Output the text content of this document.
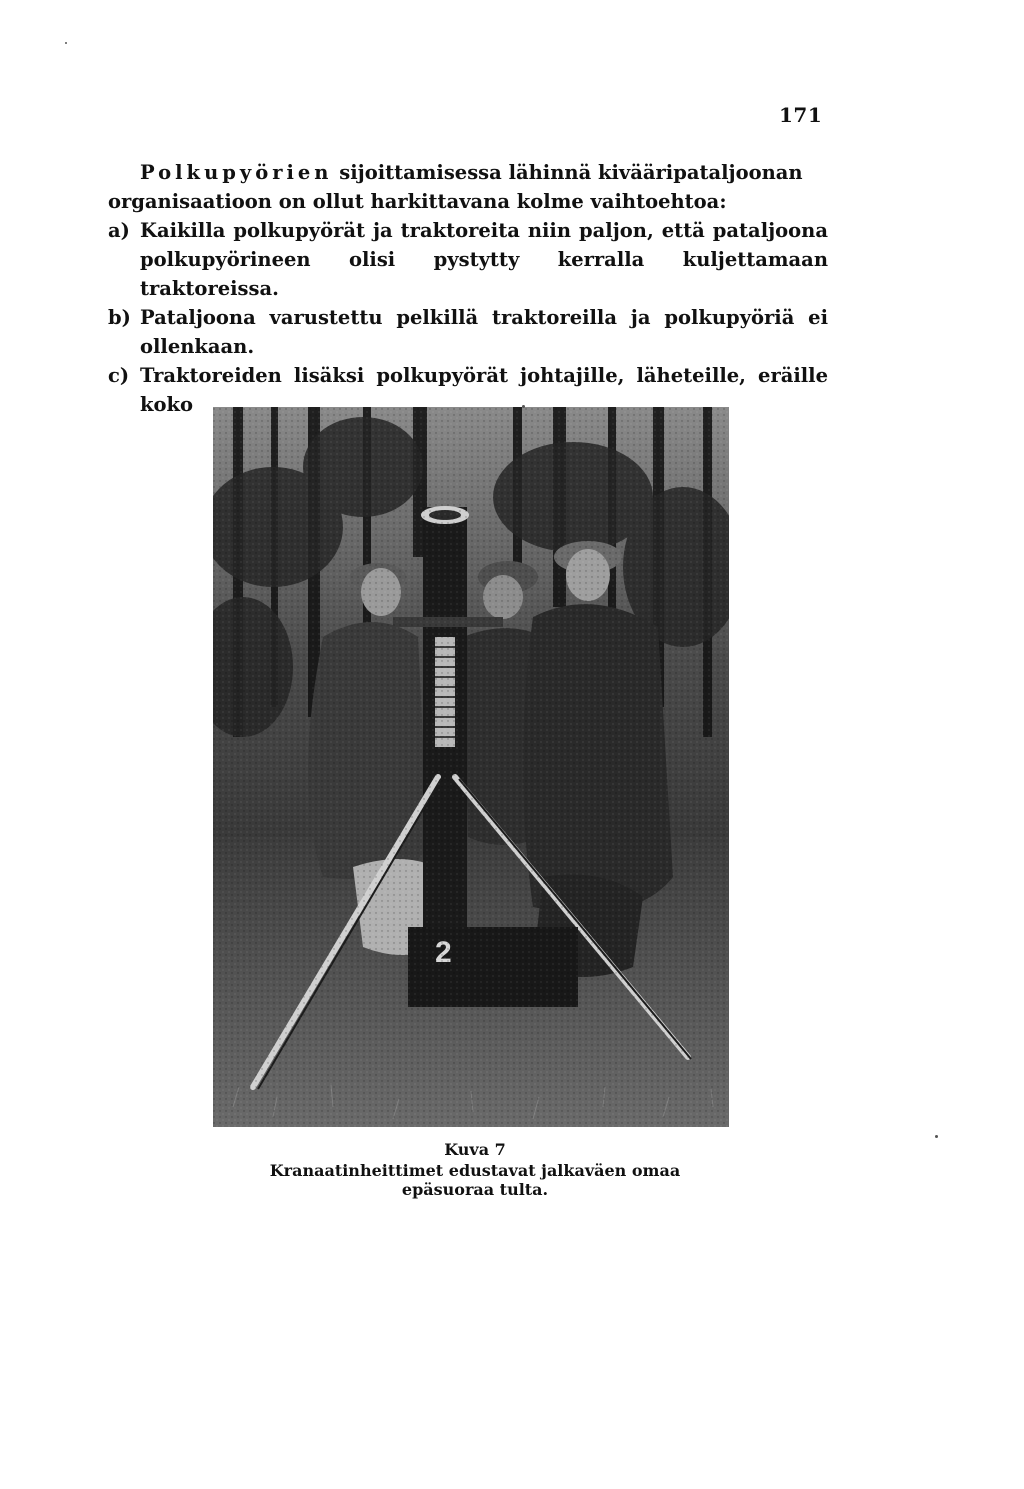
171

Polkupyörien sijoittamisessa lähinnä kivääripataljoonan organisaatioon on ollut harkittavana kolme vaihtoehtoa:

a) Kaikilla polkupyörät ja traktoreita niin paljon, että pataljoona polkupyörineen olisi pystytty kerralla kuljettamaan traktoreissa.
b) Pataljoona varustettu pelkillä traktoreilla ja polkupyöriä ei ollenkaan.
c) Traktoreiden lisäksi polkupyörät johtajille, läheteille, eräille koko
Kuva 7
Kranaatinheittimet edustavat jalkaväen omaa
epäsuoraa tulta.
